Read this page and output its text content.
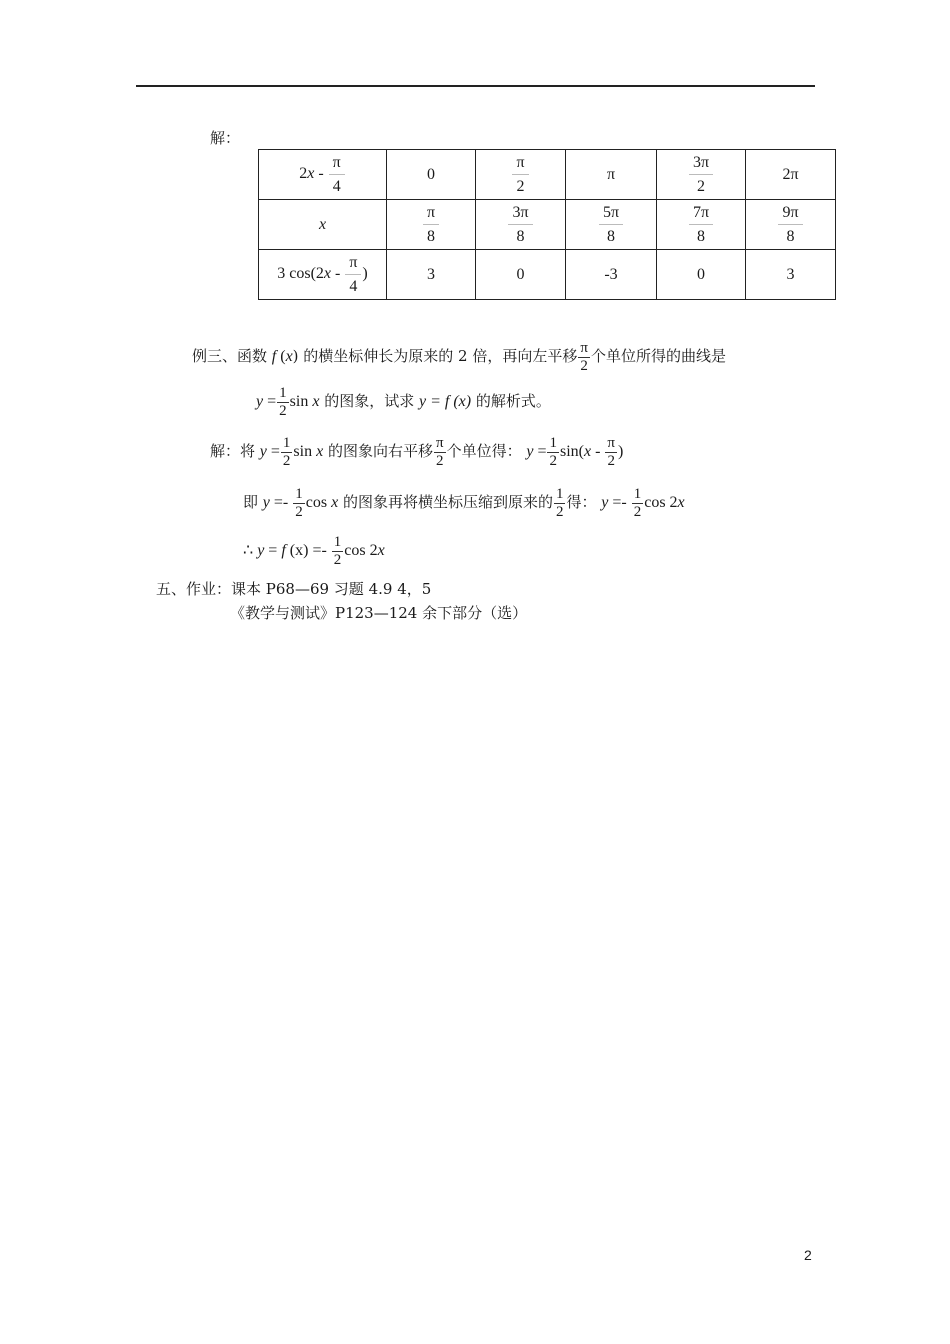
解：
$2x - \frac{\pi}{4}$	0	$\frac{\pi}{2}$	π	$\frac{3\pi}{2}$	2π
x	$\frac{\pi}{8}$	$\frac{3\pi}{8}$	$\frac{5\pi}{8}$	$\frac{7\pi}{8}$	$\frac{9\pi}{8}$

3 $\cos(2x - \frac{\pi}{4}$ )	3	0	-3	0	3
例三、函数 f (x) 的横坐标伸长为原来的 2 倍，再向左平移 $\frac{\pi}{2}$ 个单位所得的曲线是
$y = \frac{1}{2}$ sin x 的图象，试求 y = f (x) 的解析式。
解：将 $y = \frac{1}{2}$ sin x 的图象向右平移 $\frac{\pi}{2}$ 个单位得： $y = \frac{1}{2} \sin(x - \frac{\pi}{2}$ )
即 $y =- \frac{1}{2}$ cos x 的图象再将横坐标压缩到原来的 $\frac{1}{2}$ 得： $y =- \frac{1}{2}$ cos 2x
∴ y = f $(x) =- \frac{1}{2}$ cos 2x
五、作业：课本 P68—69 习题 4.9 4，5
《教学与测试》P123—124 余下部分（选）
2
